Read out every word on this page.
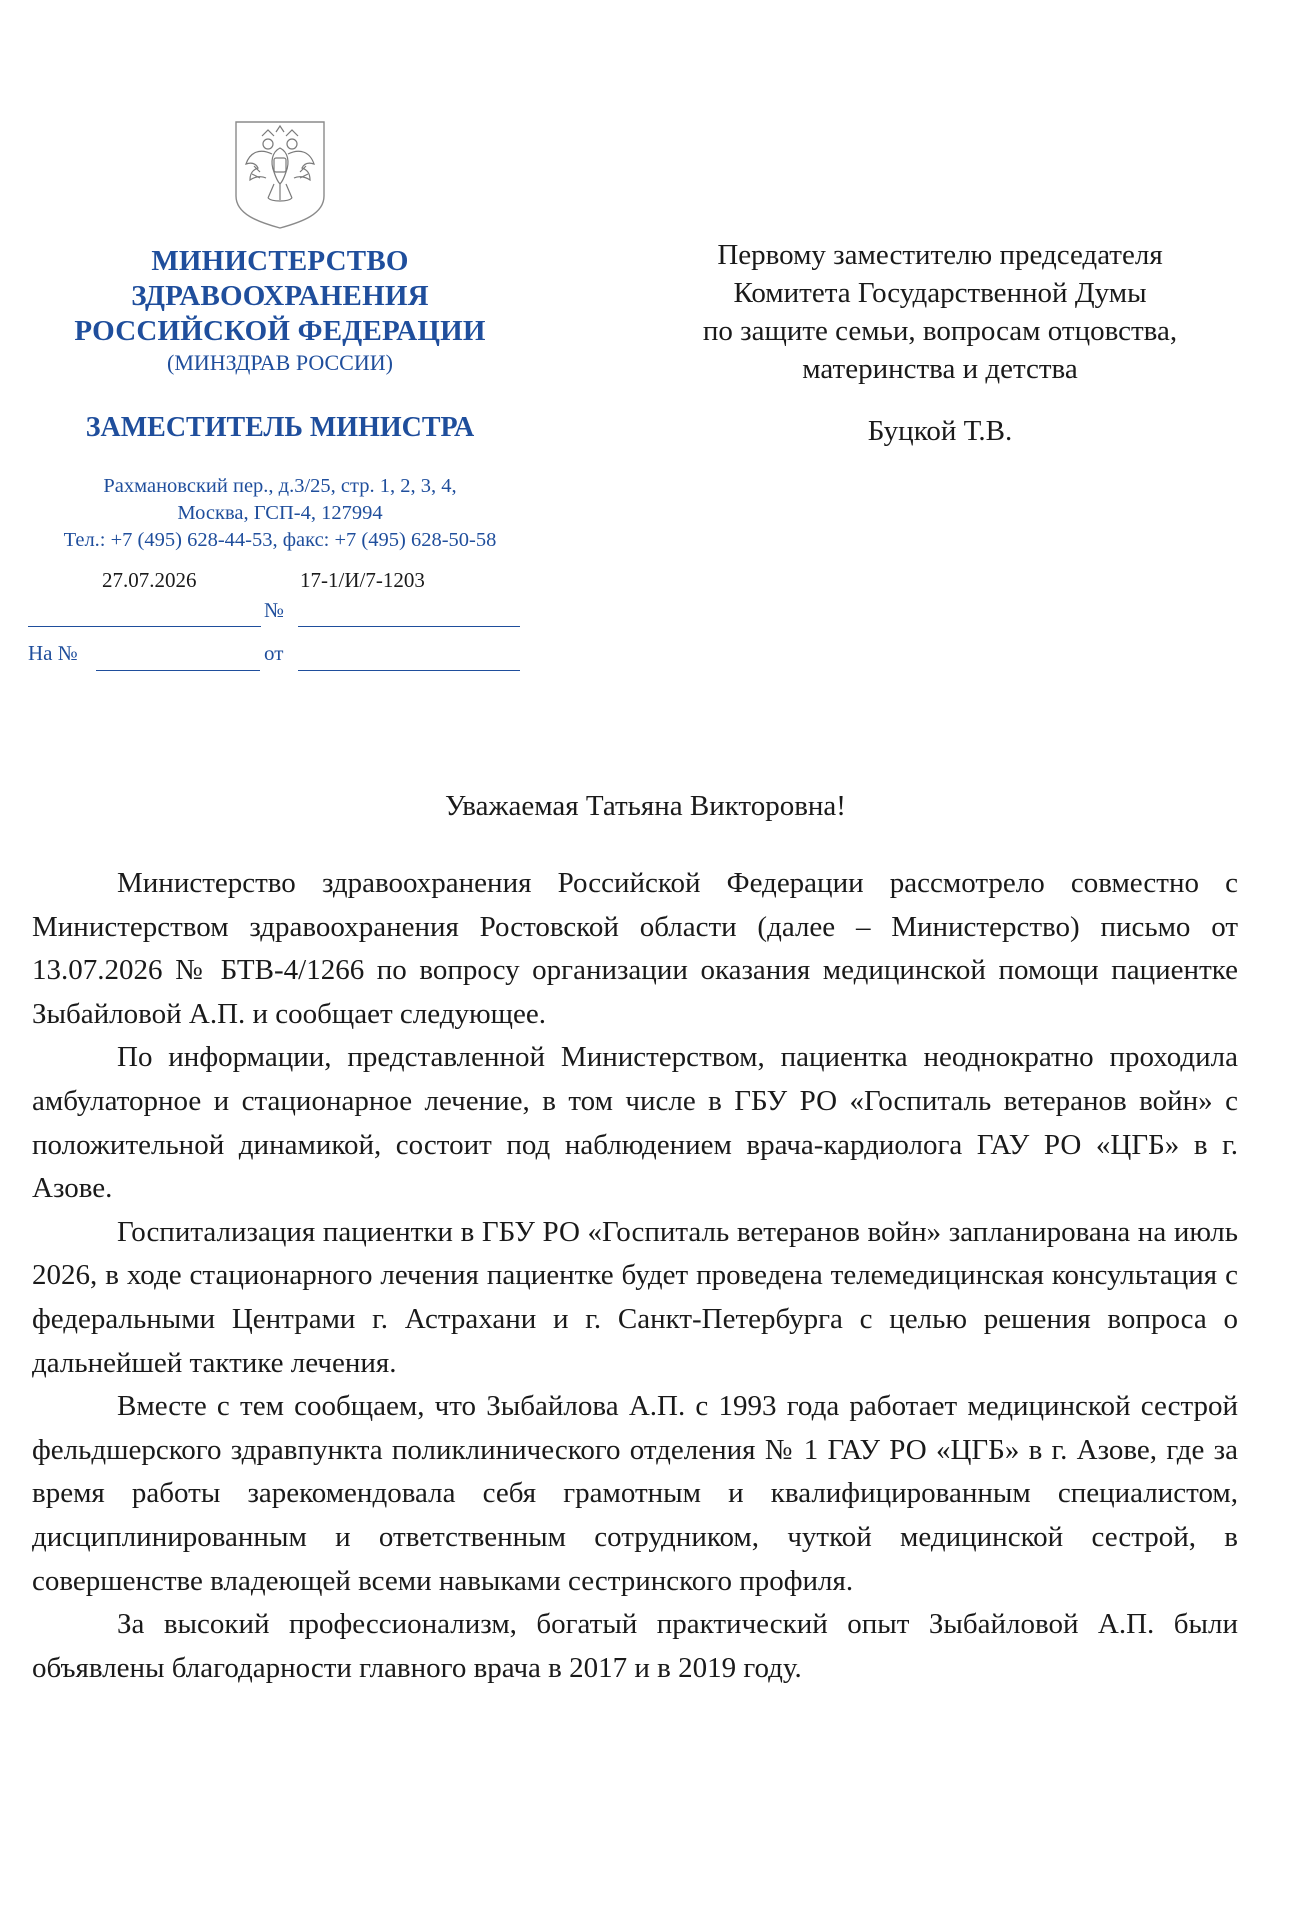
МИНИСТЕРСТВО
ЗДРАВООХРАНЕНИЯ
РОССИЙСКОЙ ФЕДЕРАЦИИ
(МИНЗДРАВ РОССИИ)
ЗАМЕСТИТЕЛЬ МИНИСТРА
Рахмановский пер., д.3/25, стр. 1, 2, 3, 4,
Москва, ГСП-4, 127994
Тел.: +7 (495) 628-44-53, факс: +7 (495) 628-50-58
27.07.2026	17-1/И/7-1203
№
На №	от
Первому заместителю председателя
Комитета Государственной Думы
по защите семьи, вопросам отцовства,
материнства и детства
Буцкой Т.В.
Уважаемая Татьяна Викторовна!

Министерство здравоохранения Российской Федерации рассмотрело совместно с Министерством здравоохранения Ростовской области (далее – Министерство) письмо от 13.07.2026 № БТВ-4/1266 по вопросу организации оказания медицинской помощи пациентке Зыбайловой А.П. и сообщает следующее.

По информации, представленной Министерством, пациентка неоднократно проходила амбулаторное и стационарное лечение, в том числе в ГБУ РО «Госпиталь ветеранов войн» с положительной динамикой, состоит под наблюдением врача-кардиолога ГАУ РО «ЦГБ» в г. Азове.

Госпитализация пациентки в ГБУ РО «Госпиталь ветеранов войн» запланирована на июль 2026, в ходе стационарного лечения пациентке будет проведена телемедицинская консультация с федеральными Центрами г. Астрахани и г. Санкт-Петербурга с целью решения вопроса о дальнейшей тактике лечения.

Вместе с тем сообщаем, что Зыбайлова А.П. с 1993 года работает медицинской сестрой фельдшерского здравпункта поликлинического отделения № 1 ГАУ РО «ЦГБ» в г. Азове, где за время работы зарекомендовала себя грамотным и квалифицированным специалистом, дисциплинированным и ответственным сотрудником, чуткой медицинской сестрой, в совершенстве владеющей всеми навыками сестринского профиля.

За высокий профессионализм, богатый практический опыт Зыбайловой А.П. были объявлены благодарности главного врача в 2017 и в 2019 году.
